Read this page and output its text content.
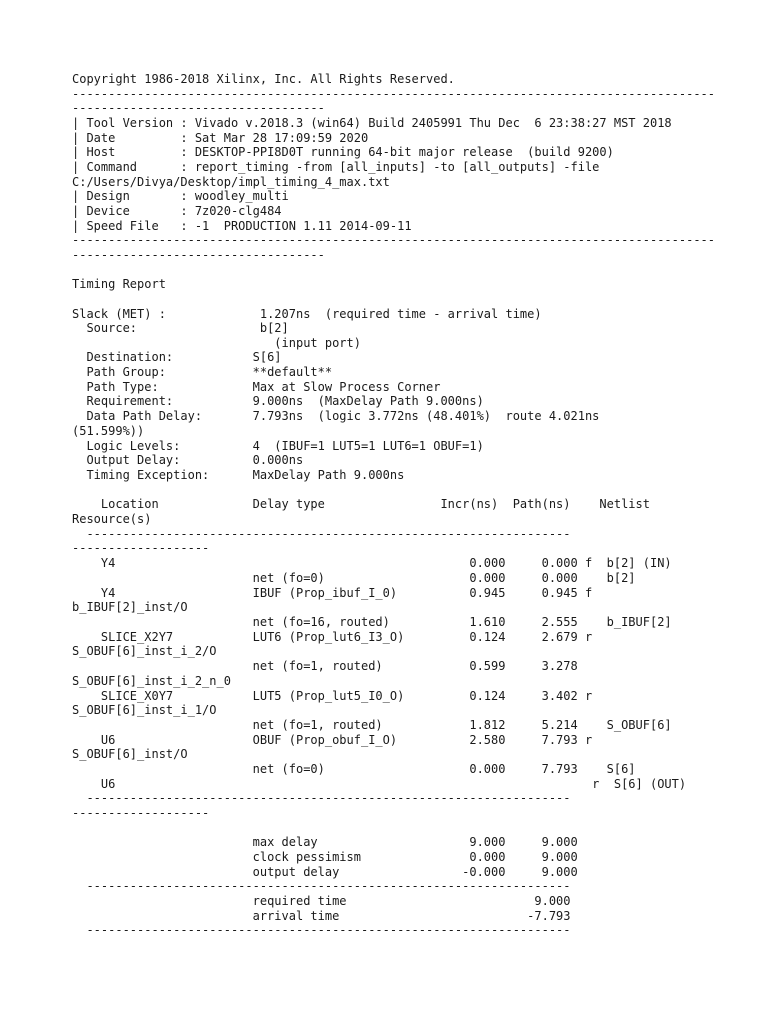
Copyright 1986-2018 Xilinx, Inc. All Rights Reserved.
-----------------------------------------------------------------------------------------
-----------------------------------
| Tool Version : Vivado v.2018.3 (win64) Build 2405991 Thu Dec  6 23:38:27 MST 2018
| Date         : Sat Mar 28 17:09:59 2020
| Host         : DESKTOP-PPI8D0T running 64-bit major release  (build 9200)
| Command      : report_timing -from [all_inputs] -to [all_outputs] -file
C:/Users/Divya/Desktop/impl_timing_4_max.txt
| Design       : woodley_multi
| Device       : 7z020-clg484
| Speed File   : -1  PRODUCTION 1.11 2014-09-11
-----------------------------------------------------------------------------------------
-----------------------------------
Timing Report
Slack (MET) :             1.207ns  (required time - arrival time)
Source:                 b[2]
(input port)
Destination:           S[6]
Path Group:            **default**
Path Type:             Max at Slow Process Corner
Requirement:           9.000ns  (MaxDelay Path 9.000ns)
Data Path Delay:       7.793ns  (logic 3.772ns (48.401%)  route 4.021ns
(51.599%))
Logic Levels:          4  (IBUF=1 LUT5=1 LUT6=1 OBUF=1)
Output Delay:          0.000ns
Timing Exception:      MaxDelay Path 9.000ns
Location             Delay type                Incr(ns)  Path(ns)    Netlist
Resource(s)
-------------------------------------------------------------------
-------------------
Y4                                                 0.000     0.000 f  b[2] (IN)
net (fo=0)                    0.000     0.000    b[2]
Y4                   IBUF (Prop_ibuf_I_0)          0.945     0.945 f
b_IBUF[2]_inst/O
net (fo=16, routed)           1.610     2.555    b_IBUF[2]
SLICE_X2Y7           LUT6 (Prop_lut6_I3_O)         0.124     2.679 r
S_OBUF[6]_inst_i_2/O
net (fo=1, routed)            0.599     3.278
S_OBUF[6]_inst_i_2_n_0
SLICE_X0Y7           LUT5 (Prop_lut5_I0_O)         0.124     3.402 r
S_OBUF[6]_inst_i_1/O
net (fo=1, routed)            1.812     5.214    S_OBUF[6]
U6                   OBUF (Prop_obuf_I_O)          2.580     7.793 r
S_OBUF[6]_inst/O
net (fo=0)                    0.000     7.793    S[6]
U6                                                                  r  S[6] (OUT)
-------------------------------------------------------------------
-------------------
max delay                     9.000     9.000
clock pessimism               0.000     9.000
output delay                 -0.000     9.000
-------------------------------------------------------------------
required time                          9.000
arrival time                          -7.793
-------------------------------------------------------------------
